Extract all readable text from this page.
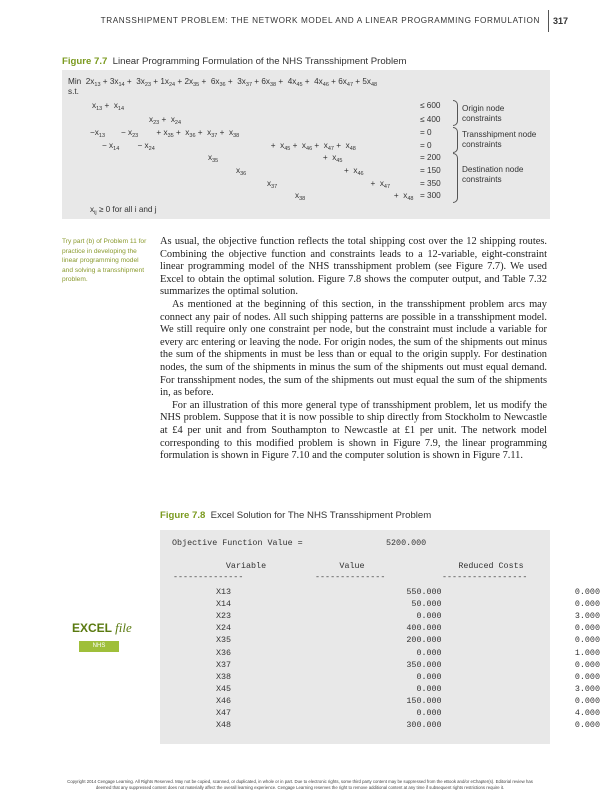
TRANSSHIPMENT PROBLEM: THE NETWORK MODEL AND A LINEAR PROGRAMMING FORMULATION 317
Figure 7.7 Linear Programming Formulation of the NHS Transshipment Problem
Min  $2x_{13} + 3x_{14} + 3x_{23} + 1x_{24} + 2x_{35} + 6x_{36} + 3x_{37} + 6x_{38} + 4x_{45} + 4x_{46} + 6x_{47} + 5x_{48}$
s.t.
$x_{13} + x_{14}$
$x_{23} + x_{24}$
$-x_{13}$       − $x_{23}$        + $x_{35} + x_{36} + x_{37} + x_{38}$
− $x_{14}$        − $x_{24}$                                                   +  $x_{45} + x_{46} + x_{47} + x_{48}$
$x_{35}$                                              +  $x_{45}$
$x_{36}$                                           +  $x_{46}$
$x_{37}$                                         +  $x_{47}$
$x_{38}$                                       +  $x_{48}$
≤ 600
≤ 400
= 0
= 0
= 200
= 150
= 350
= 300
Origin node
constraints
Transshipment node
constraints
Destination node
constraints
$x_{ij} \ge 0$ for all i and j
Try part (b) of Problem 11 for practice in developing the linear programming model and solving a transshipment problem.

As usual, the objective function reflects the total shipping cost over the 12 shipping routes. Combining the objective function and constraints leads to a 12-variable, eight-constraint linear programming model of the NHS transshipment problem (see Figure 7.7). We used Excel to obtain the optimal solution. Figure 7.8 shows the computer output, and Table 7.32 summarizes the optimal solution.

As mentioned at the beginning of this section, in the transshipment problem arcs may connect any pair of nodes. All such shipping patterns are possible in a transshipment model. We still require only one constraint per node, but the constraint must include a variable for every arc entering or leaving the node. For origin nodes, the sum of the shipments out minus the sum of the shipments in must be less than or equal to the origin supply. For destination nodes, the sum of the shipments in minus the sum of the shipments out must equal demand. For transshipment nodes, the sum of the shipments out must equal the sum of the shipments in, as before.

For an illustration of this more general type of transshipment problem, let us modify the NHS problem. Suppose that it is now possible to ship directly from Stockholm to Newcastle at £4 per unit and from Southampton to Newcastle at £1 per unit. The network model corresponding to this modified problem is shown in Figure 7.9, the linear programming formulation is shown in Figure 7.10 and the computer solution is shown in Figure 7.11.

Figure 7.8 Excel Solution for The NHS Transshipment Problem
Objective Function Value =	5200.000
Variable	Value	Reduced Costs
--------------	--------------	-----------------
X13	550.000	0.000
X14	50.000	0.000
X23	0.000	3.000
X24	400.000	0.000
X35	200.000	0.000
X36	0.000	1.000
X37	350.000	0.000
X38	0.000	0.000
X45	0.000	3.000
X46	150.000	0.000
X47	0.000	4.000
X48	300.000	0.000
EXCEL file
NHS
Copyright 2014 Cengage Learning. All Rights Reserved. May not be copied, scanned, or duplicated, in whole or in part. Due to electronic rights, some third party content may be suppressed from the eBook and/or eChapter(s). Editorial review has
deemed that any suppressed content does not materially affect the overall learning experience. Cengage Learning reserves the right to remove additional content at any time if subsequent rights restrictions require it.
